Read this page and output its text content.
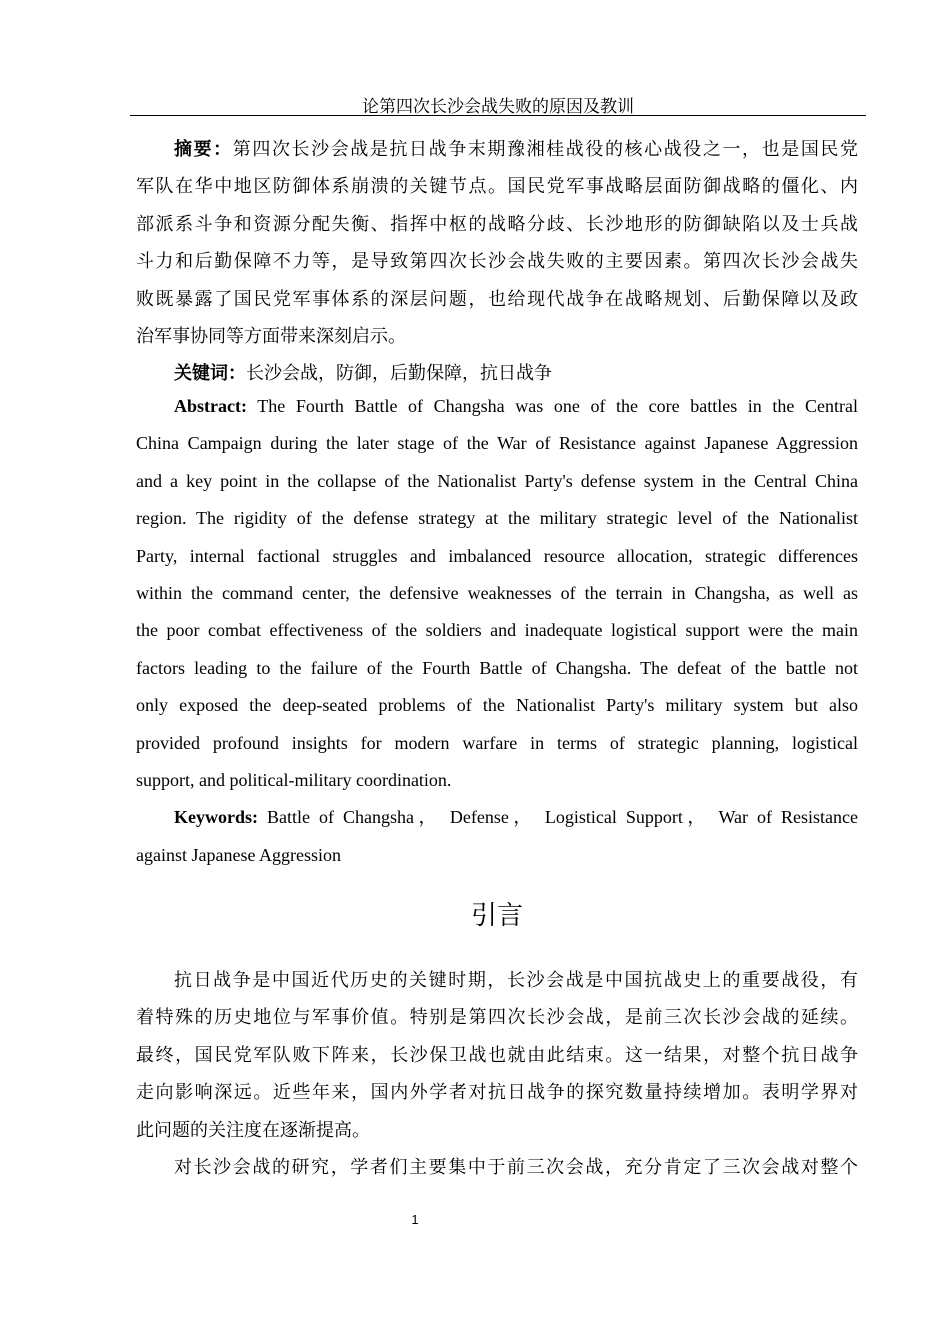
论第四次长沙会战失败的原因及教训
摘要：第四次长沙会战是抗日战争末期豫湘桂战役的核心战役之一，也是国民党
军队在华中地区防御体系崩溃的关键节点。国民党军事战略层面防御战略的僵化、内
部派系斗争和资源分配失衡、指挥中枢的战略分歧、长沙地形的防御缺陷以及士兵战
斗力和后勤保障不力等，是导致第四次长沙会战失败的主要因素。第四次长沙会战失
败既暴露了国民党军事体系的深层问题，也给现代战争在战略规划、后勤保障以及政
治军事协同等方面带来深刻启示。
关键词：长沙会战，防御，后勤保障，抗日战争
Abstract: The Fourth Battle of Changsha was one of the core battles in the Central
China Campaign during the later stage of the War of Resistance against Japanese Aggression
and a key point in the collapse of the Nationalist Party's defense system in the Central China
region. The rigidity of the defense strategy at the military strategic level of the Nationalist
Party, internal factional struggles and imbalanced resource allocation, strategic differences
within the command center, the defensive weaknesses of the terrain in Changsha, as well as
the poor combat effectiveness of the soldiers and inadequate logistical support were the main
factors leading to the failure of the Fourth Battle of Changsha. The defeat of the battle not
only exposed the deep-seated problems of the Nationalist Party's military system but also
provided profound insights for modern warfare in terms of strategic planning, logistical
support, and political-military coordination.
Keywords: Battle of Changsha， Defense， Logistical Support， War of Resistance
against Japanese Aggression
引言
抗日战争是中国近代历史的关键时期，长沙会战是中国抗战史上的重要战役，有
着特殊的历史地位与军事价值。特别是第四次长沙会战，是前三次长沙会战的延续。
最终，国民党军队败下阵来，长沙保卫战也就由此结束。这一结果，对整个抗日战争
走向影响深远。近些年来，国内外学者对抗日战争的探究数量持续增加。表明学界对
此问题的关注度在逐渐提高。
对长沙会战的研究，学者们主要集中于前三次会战，充分肯定了三次会战对整个
1
